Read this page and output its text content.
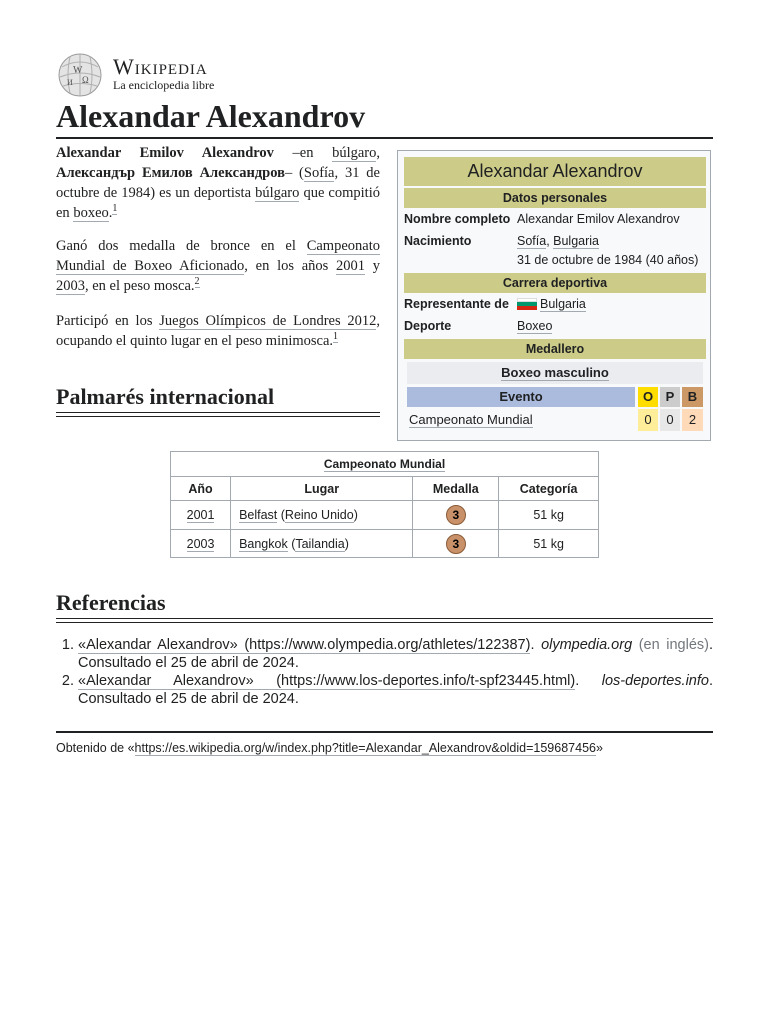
W
Ω
И
Wikipedia
La enciclopedia libre
Alexandar Alexandrov
Alexandar Emilov Alexandrov –en búlgaro, Александър Емилов Александров– (Sofía, 31 de octubre de 1984) es un deportista búlgaro que compitió en boxeo.$^1$
Ganó dos medalla de bronce en el Campeonato Mundial de Boxeo Aficionado, en los años 2001 y 2003, en el peso mosca.$^2$
Participó en los Juegos Olímpicos de Londres 2012, ocupando el quinto lugar en el peso minimosca.$^1$
Palmarés internacional
Alexandar Alexandrov
Datos personales
Nombre completo Alexandar Emilov Alexandrov
Nacimiento	Sofía, Bulgaria
31 de octubre de 1984 (40 años)
Carrera deportiva
Representante de	Bulgaria
Deporte	Boxeo
Medallero
Boxeo masculino
Evento	O P	B
Campeonato Mundial	0	0	2
Campeonato Mundial			
Año	Lugar	Medalla	Categoría
2001	Belfast (Reino Unido)	3	51 kg
2003	Bangkok (Tailandia)	3	51 kg
Referencias
1. «Alexandar Alexandrov» (https://www.olympedia.org/athletes/122387). olympedia.org (en inglés). Consultado el 25 de abril de 2024.
2. «Alexandar Alexandrov» (https://www.los-deportes.info/t-spf23445.html). los-deportes.info. Consultado el 25 de abril de 2024.
Obtenido de «https://es.wikipedia.org/w/index.php?title=Alexandar_Alexandrov&oldid=159687456»
